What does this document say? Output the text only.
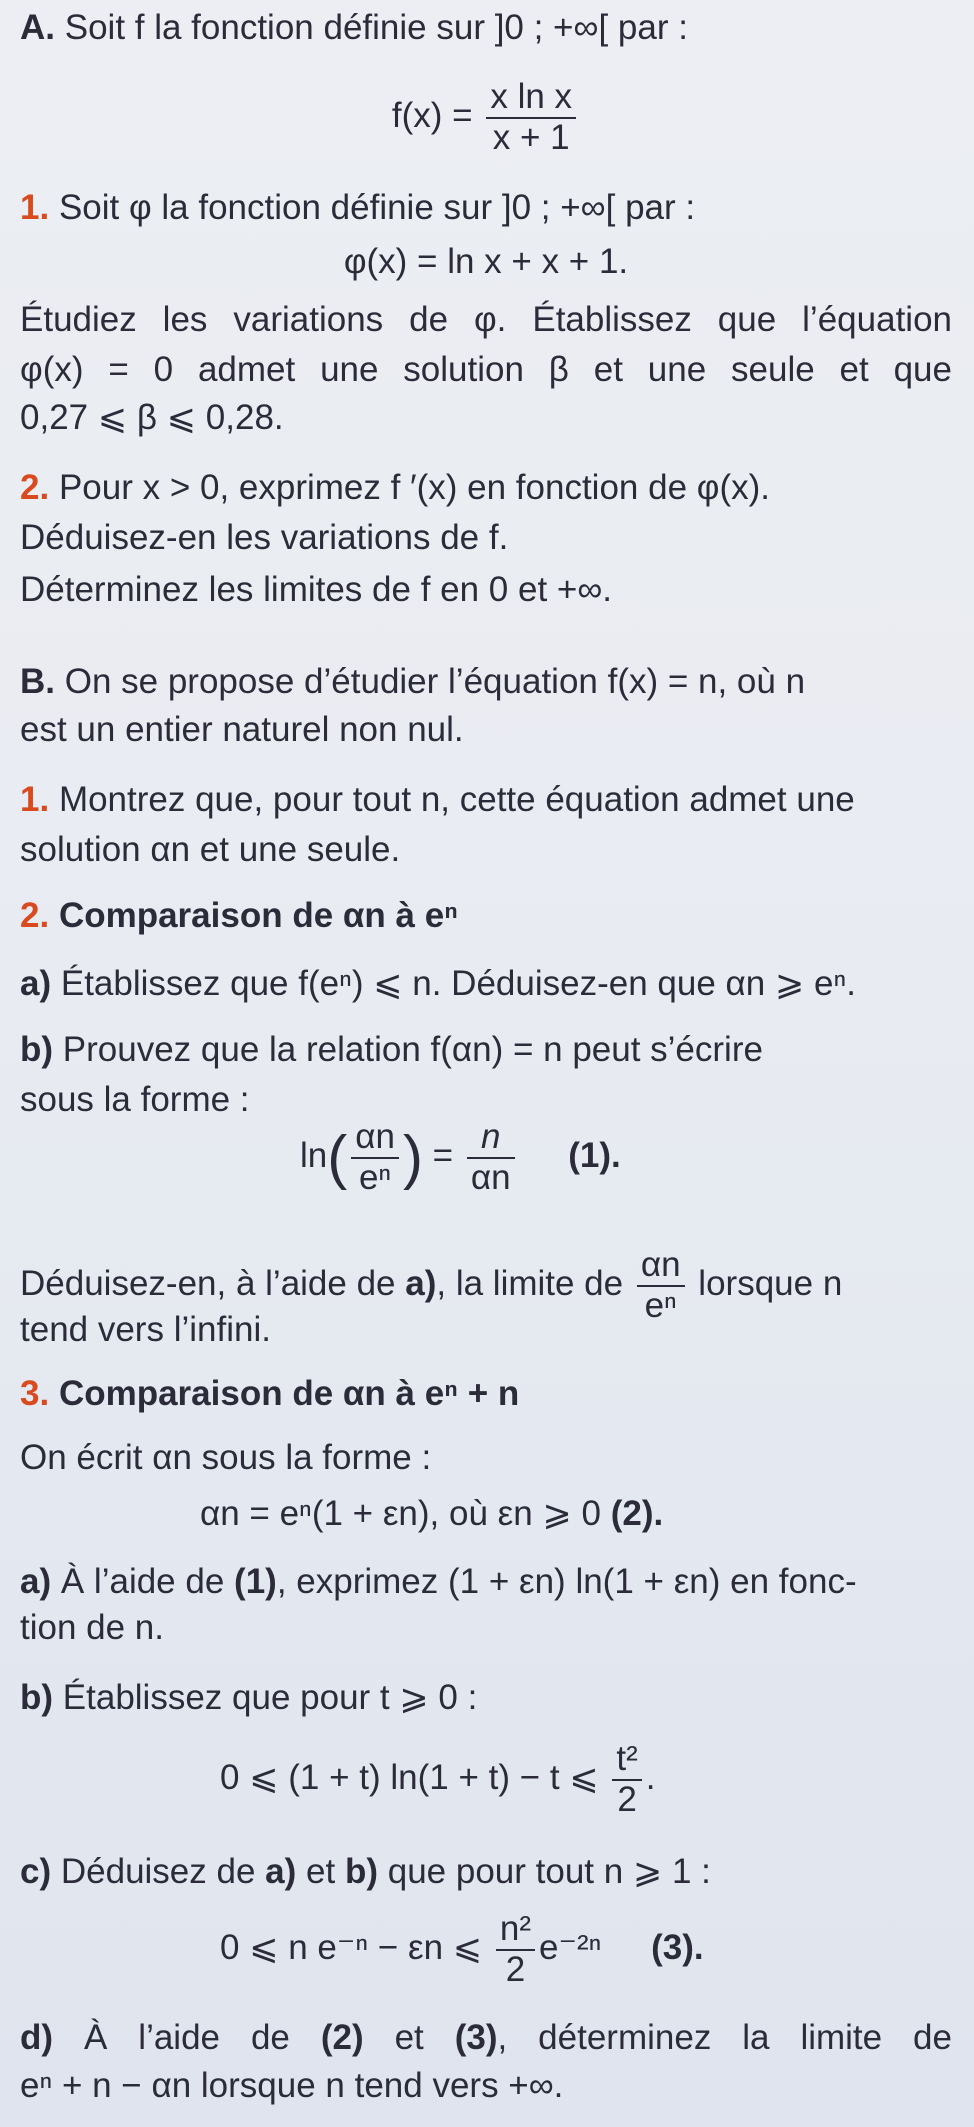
A. Soit f la fonction définie sur ]0 ; +∞[ par :
$f(x) = \frac{\text{x ln x}}{x + 1}$
1. Soit φ la fonction définie sur ]0 ; +∞[ par :
φ(x) = ln x + x + 1.
Étudiez les variations de φ. Établissez que l’équation
φ(x) = 0 admet une solution β et une seule et que
0,27 ⩽ β ⩽ 0,28.
2. Pour x > 0, exprimez f ′(x) en fonction de φ(x).
Déduisez-en les variations de f.
Déterminez les limites de f en 0 et +∞.
B. On se propose d’étudier l’équation f(x) = n, où n
est un entier naturel non nul.
1. Montrez que, pour tout n, cette équation admet une
solution αn et une seule.
2. Comparaison de αn à eⁿ
a) Établissez que f(eⁿ) ⩽ n. Déduisez-en que αn ⩾ eⁿ.
b) Prouvez que la relation f(αn) = n peut s’écrire
sous la forme :
$\ln( \frac{\alpha n}{\text{eⁿ}}$ ) = $\frac{n}{\alpha n} (1)$.
Déduisez-en, à l’aide de a), la limite de $\frac{\alpha n}{\text{eⁿ}}$ lorsque n
tend vers l’infini.
3. Comparaison de αn à eⁿ + n
On écrit αn sous la forme :
αn = eⁿ(1 + εn), où εn ⩾ 0 (2).
a) À l’aide de (1), exprimez (1 + εn) ln(1 + εn) en fonc-
tion de n.
b) Établissez que pour t ⩾ 0 :
0 ⩽ (1 + t) ln(1 + t) − t ⩽ $\frac{\text{t²}}{2}$ .
c) Déduisez de a) et b) que pour tout n ⩾ 1 :
0 ⩽ n e⁻ⁿ − εn ⩽ $\frac{\text{n²}}{2} e^{-2n}$ (3).
d) À l’aide de (2) et (3), déterminez la limite de
eⁿ + n − αn lorsque n tend vers +∞.
